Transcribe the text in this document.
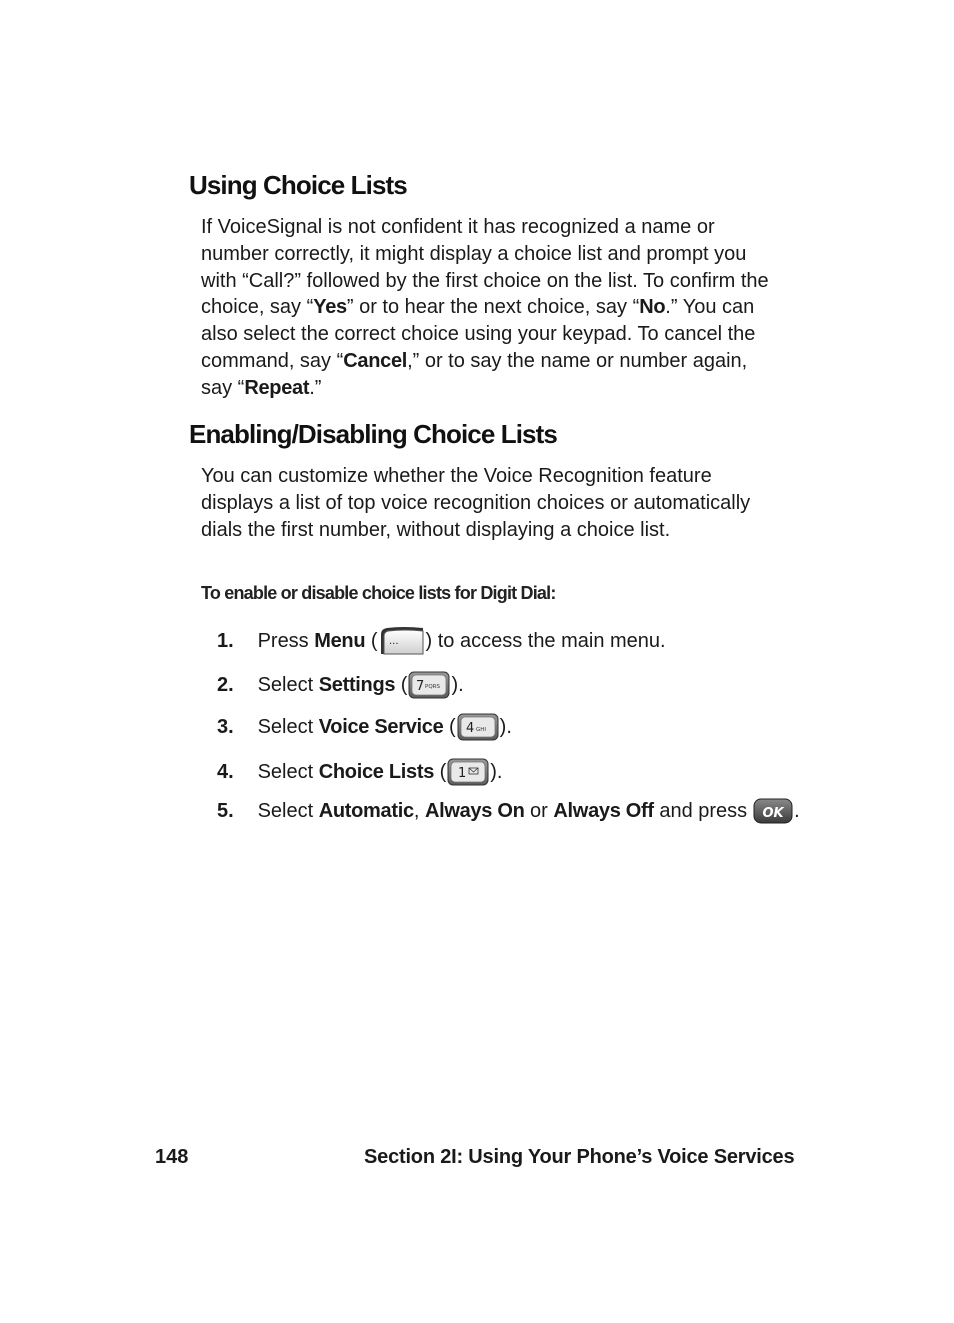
Using Choice Lists

If VoiceSignal is not confident it has recognized a name or number correctly, it might display a choice list and prompt you with “Call?” followed by the first choice on the list. To confirm the choice, say “Yes” or to hear the next choice, say “No.” You can also select the correct choice using your keypad. To cancel the command, say “Cancel,” or to say the name or number again, say “Repeat.”

Enabling/Disabling Choice Lists

You can customize whether the Voice Recognition feature displays a list of top voice recognition choices or automatically dials the first number, without displaying a choice list.

To enable or disable choice lists for Digit Dial:

1.	Press Menu ( ... ) to access the main menu.
2.	Select Settings ( 7 PQRS ).
3.	Select Voice Service ( 4 GHI ).
4.	Select Choice Lists ( 1 ).
5.	Select Automatic, Always On or Always Off and press OK .
148	Section 2I: Using Your Phone’s Voice Services
